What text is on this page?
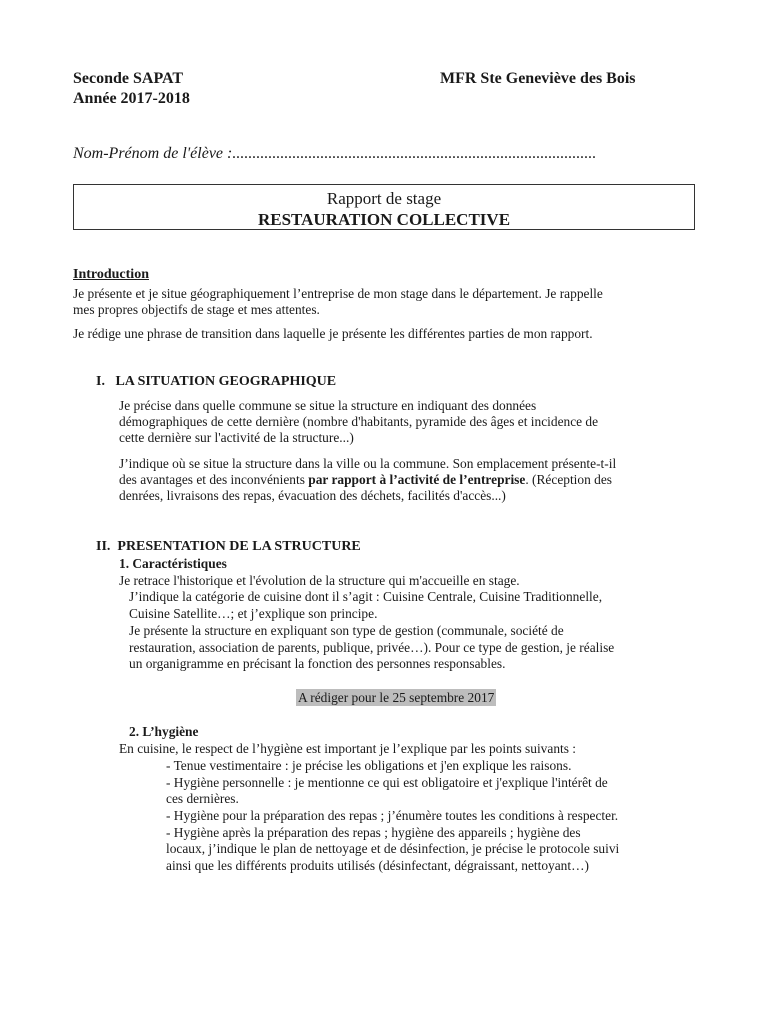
Seconde SAPAT
Année 2017-2018
MFR Ste Geneviève des Bois
Nom-Prénom de l'élève :...........................................................................................
Rapport de stage
RESTAURATION COLLECTIVE
Introduction
Je présente et je situe géographiquement l’entreprise de mon stage dans le département. Je rappelle
mes propres objectifs de stage et mes attentes.
Je rédige une phrase de transition dans laquelle je présente les différentes parties de mon rapport.
I.   LA SITUATION GEOGRAPHIQUE
Je précise dans quelle commune se situe la structure en indiquant des données
démographiques de cette dernière (nombre d'habitants, pyramide des âges et incidence de
cette dernière sur l'activité de la structure...)
J’indique où se situe la structure dans la ville ou la commune. Son emplacement présente-t-il
des avantages et des inconvénients par rapport à l’activité de l’entreprise. (Réception des
denrées, livraisons des repas, évacuation des déchets, facilités d'accès...)
II.  PRESENTATION DE LA STRUCTURE
1. Caractéristiques
Je retrace l'historique et l'évolution de la structure qui m'accueille en stage.
J’indique la catégorie de cuisine dont il s’agit : Cuisine Centrale, Cuisine Traditionnelle,
Cuisine Satellite…; et j’explique son principe.
Je présente la structure en expliquant son type de gestion (communale, société de
restauration, association de parents, publique, privée…). Pour ce type de gestion, je réalise
un organigramme en précisant la fonction des personnes responsables.
A rédiger pour le 25 septembre 2017
2. L’hygiène
En cuisine, le respect de l’hygiène est important je l’explique par les points suivants :
- Tenue vestimentaire : je précise les obligations et j'en explique les raisons.
- Hygiène personnelle : je mentionne ce qui est obligatoire et j'explique l'intérêt de
ces dernières.
- Hygiène pour la préparation des repas ; j’énumère toutes les conditions à respecter.
- Hygiène après la préparation des repas ; hygiène des appareils ; hygiène des
locaux, j’indique le plan de nettoyage et de désinfection, je précise le protocole suivi
ainsi que les différents produits utilisés (désinfectant, dégraissant, nettoyant…)
